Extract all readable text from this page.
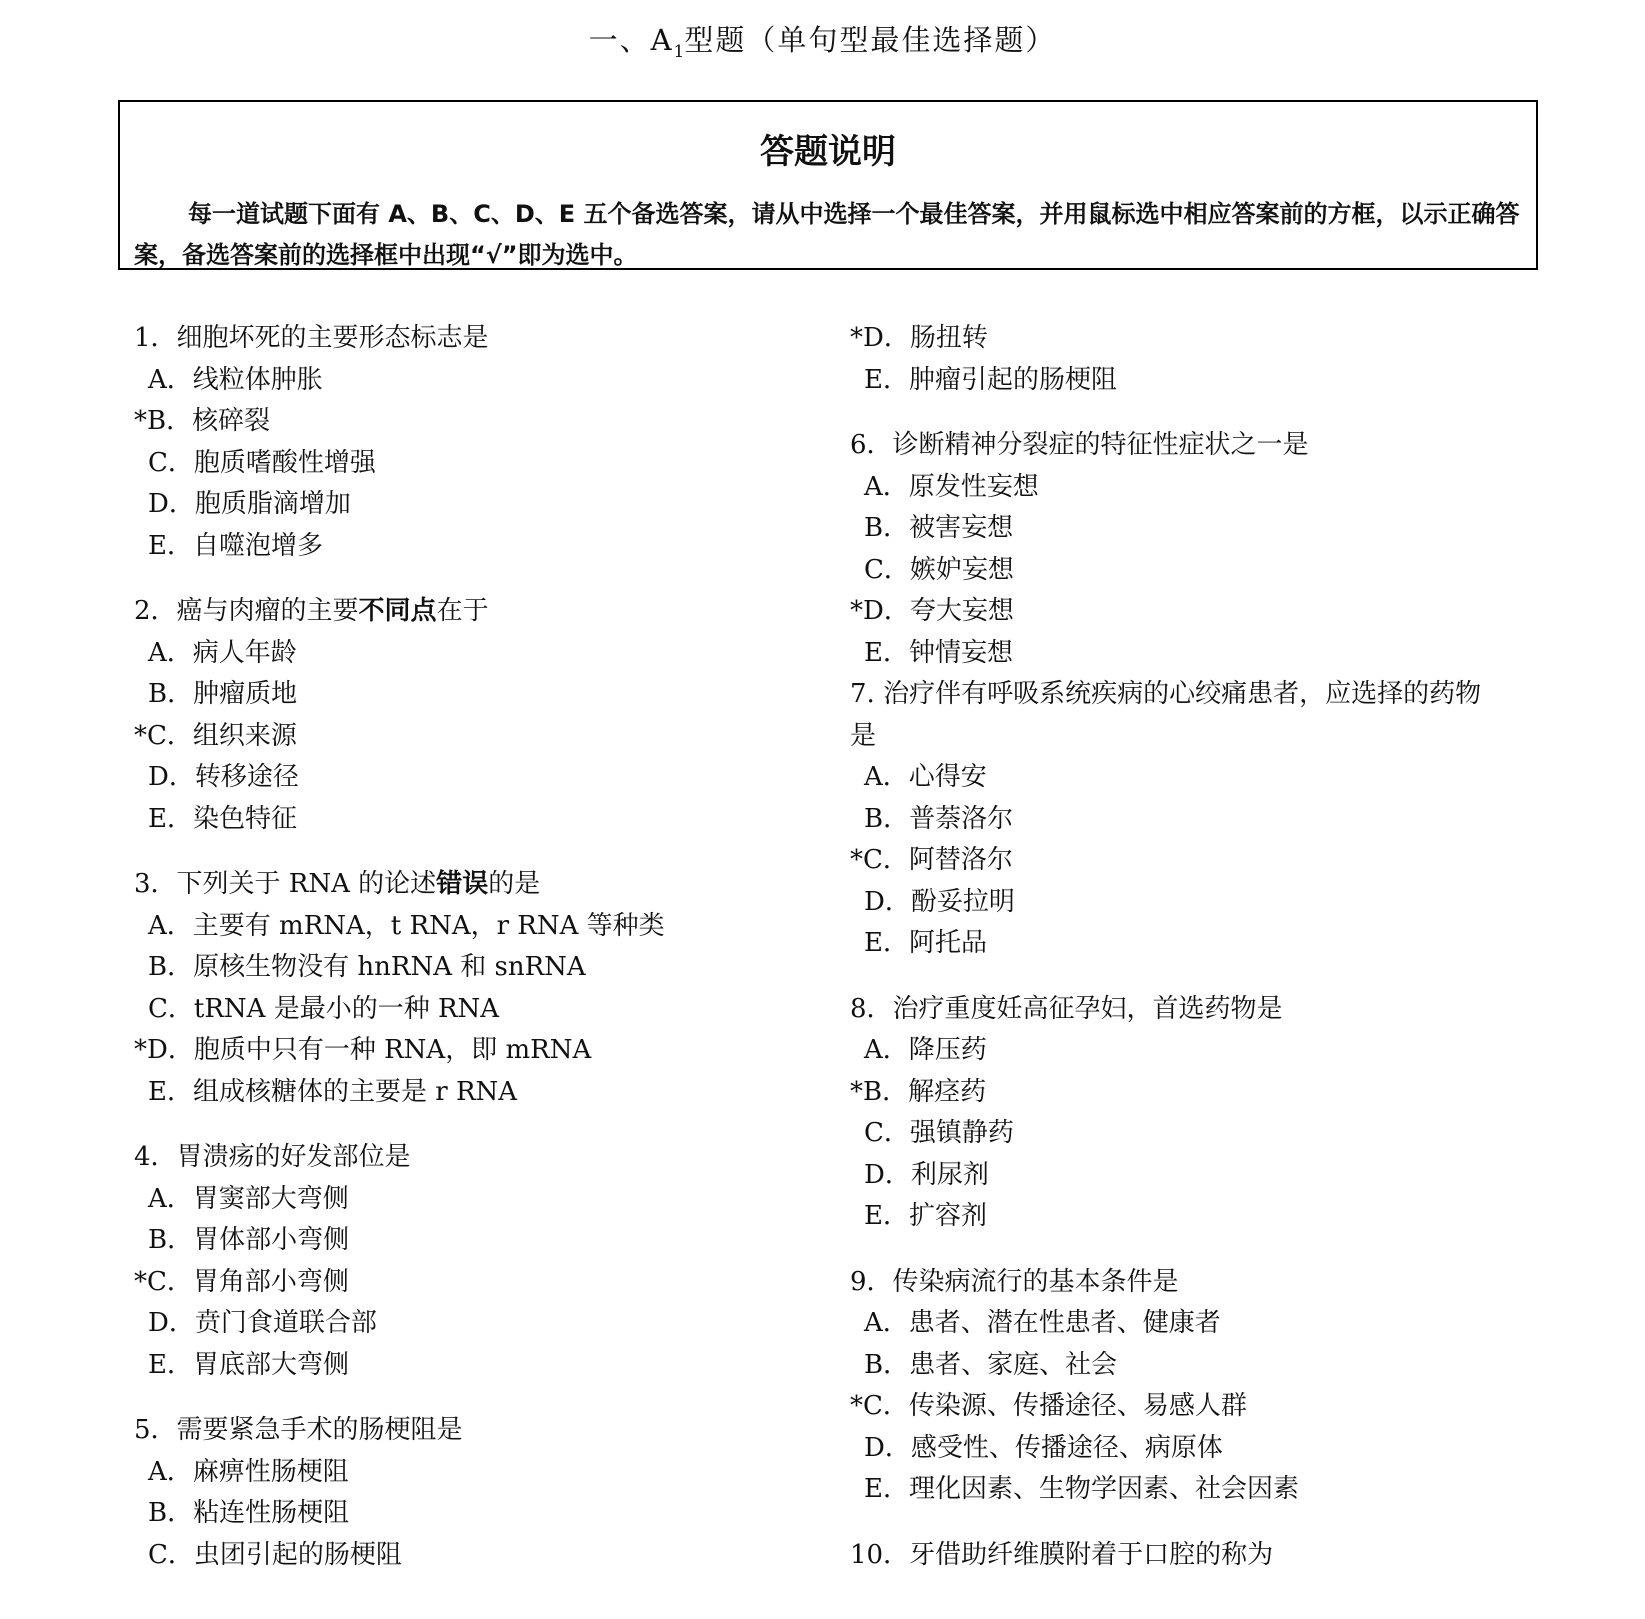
一、$A_1$型题（单句型最佳选择题）
答题说明
每一道试题下面有 A、B、C、D、E 五个备选答案，请从中选择一个最佳答案，并用鼠标选中相应答案前的方框，以示正确答案，备选答案前的选择框中出现“√”即为选中。
1．细胞坏死的主要形态标志是
A．线粒体肿胀
*B．核碎裂
C．胞质嗜酸性增强
D．胞质脂滴增加
E．自噬泡增多
2．癌与肉瘤的主要不同点在于
A．病人年龄
B．肿瘤质地
*C．组织来源
D．转移途径
E．染色特征
3．下列关于 RNA 的论述错误的是
A．主要有 mRNA，t RNA，r RNA 等种类
B．原核生物没有 hnRNA 和 snRNA
C．tRNA 是最小的一种 RNA
*D．胞质中只有一种 RNA，即 mRNA
E．组成核糖体的主要是 r RNA
4．胃溃疡的好发部位是
A．胃窦部大弯侧
B．胃体部小弯侧
*C．胃角部小弯侧
D．贲门食道联合部
E．胃底部大弯侧
5．需要紧急手术的肠梗阻是
A．麻痹性肠梗阻
B．粘连性肠梗阻
C．虫团引起的肠梗阻
*D．肠扭转
E．肿瘤引起的肠梗阻
6．诊断精神分裂症的特征性症状之一是
A．原发性妄想
B．被害妄想
C．嫉妒妄想
*D．夸大妄想
E．钟情妄想
7. 治疗伴有呼吸系统疾病的心绞痛患者，应选择的药物是
A．心得安
B．普萘洛尔
*C．阿替洛尔
D．酚妥拉明
E．阿托品
8．治疗重度妊高征孕妇，首选药物是
A．降压药
*B．解痉药
C．强镇静药
D．利尿剂
E．扩容剂
9．传染病流行的基本条件是
A．患者、潜在性患者、健康者
B．患者、家庭、社会
*C．传染源、传播途径、易感人群
D．感受性、传播途径、病原体
E．理化因素、生物学因素、社会因素
10．牙借助纤维膜附着于口腔的称为
